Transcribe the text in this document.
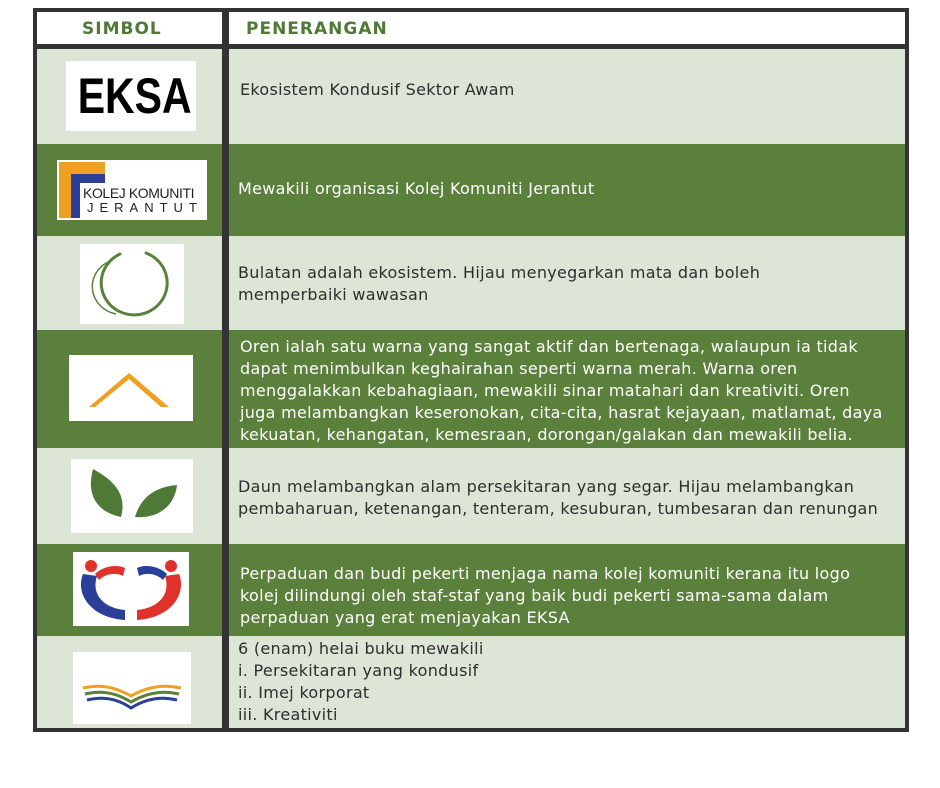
SIMBOL	PENERANGAN
EKSA	Ekosistem Kondusif Sektor Awam
KOLEJ KOMUNITI
JERANTUT
Mewakili organisasi Kolej Komuniti Jerantut
Bulatan adalah ekosistem. Hijau menyegarkan mata dan boleh
memperbaiki wawasan
Oren ialah satu warna yang sangat aktif dan bertenaga, walaupun ia tidak
dapat menimbulkan keghairahan seperti warna merah. Warna oren
menggalakkan kebahagiaan, mewakili sinar matahari dan kreativiti. Oren
juga melambangkan keseronokan, cita-cita, hasrat kejayaan, matlamat, daya
kekuatan, kehangatan, kemesraan, dorongan/galakan dan mewakili belia.
Daun melambangkan alam persekitaran yang segar. Hijau melambangkan
pembaharuan, ketenangan, tenteram, kesuburan, tumbesaran dan renungan
Perpaduan dan budi pekerti menjaga nama kolej komuniti kerana itu logo
kolej dilindungi oleh staf-staf yang baik budi pekerti sama-sama dalam
perpaduan yang erat menjayakan EKSA
6 (enam) helai buku mewakili
i. Persekitaran yang kondusif
ii. Imej korporat
iii. Kreativiti
